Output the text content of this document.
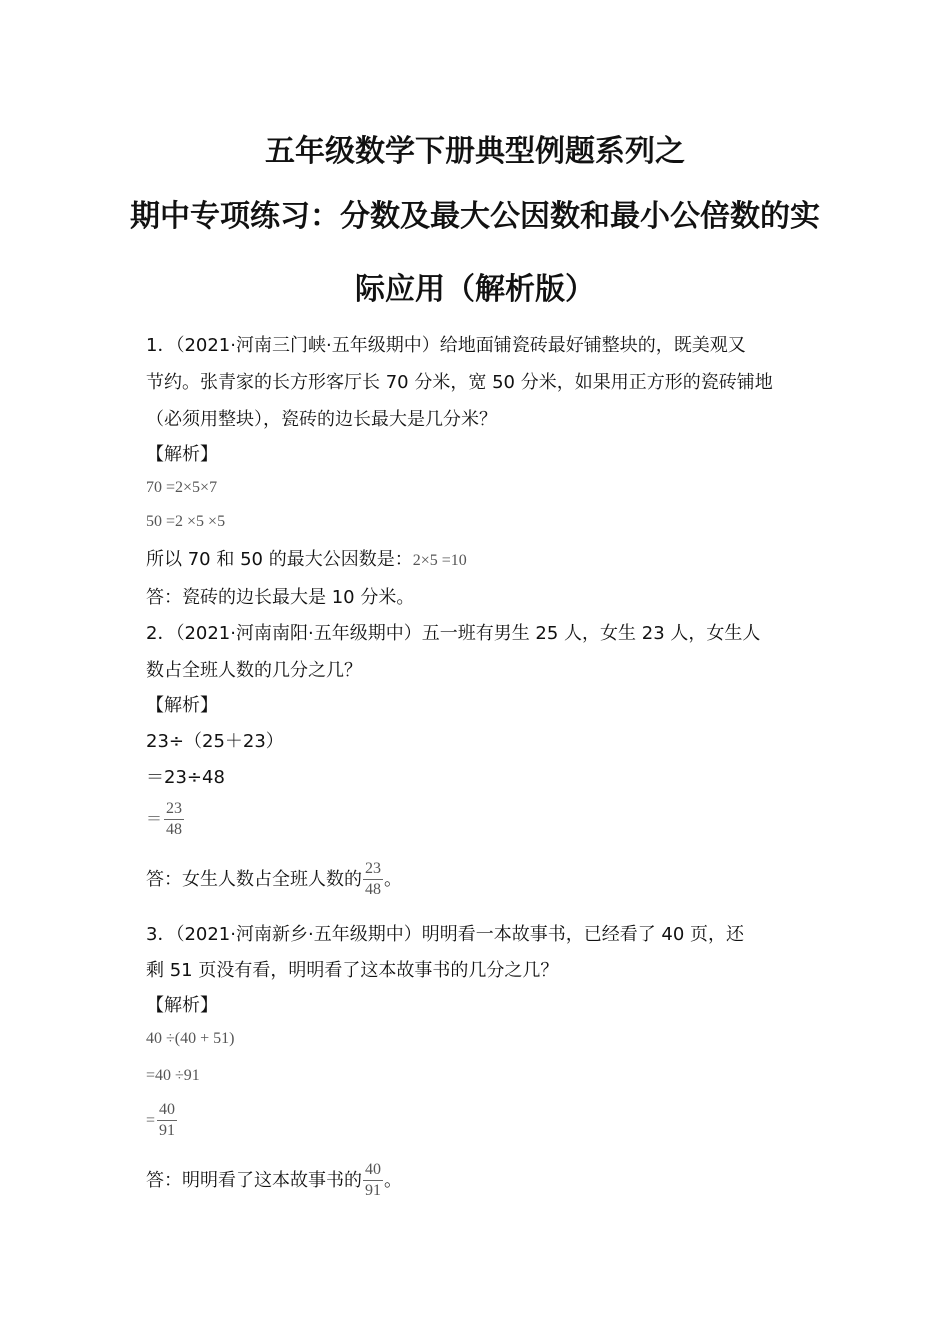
五年级数学下册典型例题系列之
期中专项练习：分数及最大公因数和最小公倍数的实
际应用（解析版）
1．（2021·河南三门峡·五年级期中）给地面铺瓷砖最好铺整块的，既美观又
节约。张青家的长方形客厅长 70 分米，宽 50 分米，如果用正方形的瓷砖铺地
（必须用整块），瓷砖的边长最大是几分米？
【解析】
70 =2×5×7
50 =2 ×5 ×5
所以 70 和 50 的最大公因数是：2×5 =10
答：瓷砖的边长最大是 10 分米。
2．（2021·河南南阳·五年级期中）五一班有男生 25 人，女生 23 人，女生人
数占全班人数的几分之几？
【解析】
23÷（25＋23）
＝23÷48
＝ $\frac{23}{48}$
答：女生人数占全班人数的 $\frac{23}{48}$ 。
3．（2021·河南新乡·五年级期中）明明看一本故事书，已经看了 40 页，还
剩 51 页没有看，明明看了这本故事书的几分之几？
【解析】
40 ÷(40 + 51)
=40 ÷91
= $\frac{40}{91}$
答：明明看了这本故事书的 $\frac{40}{91}$ 。
